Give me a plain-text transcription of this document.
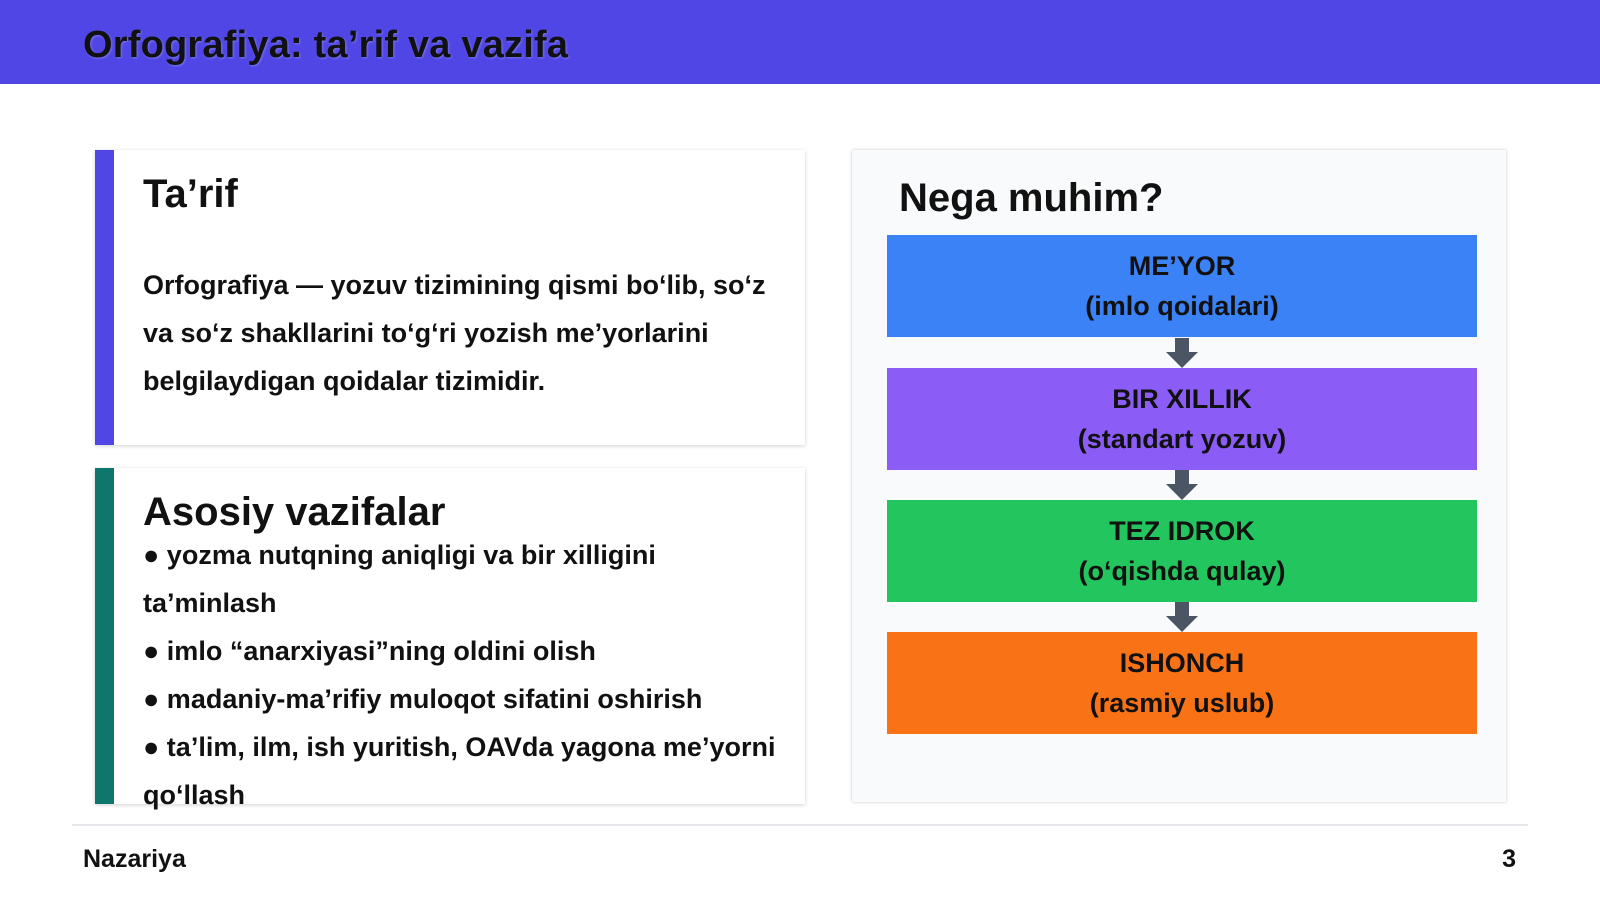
Orfografiya: ta’rif va vazifa
Ta’rif

Orfografiya — yozuv tizimining qismi bo‘lib, so‘z va so‘z shakllarini to‘g‘ri yozish me’yorlarini belgilaydigan qoidalar tizimidir.

Asosiy vazifalar
● yozma nutqning aniqligi va bir xilligini ta’minlash
● imlo “anarxiyasi”ning oldini olish
● madaniy-ma’rifiy muloqot sifatini oshirish
● ta’lim, ilm, ish yuritish, OAVda yagona me’yorni qo‘llash
Nega muhim?
ME’YOR
(imlo qoidalari)
BIR XILLIK
(standart yozuv)
TEZ IDROK
(o‘qishda qulay)
ISHONCH
(rasmiy uslub)
Nazariya	3
